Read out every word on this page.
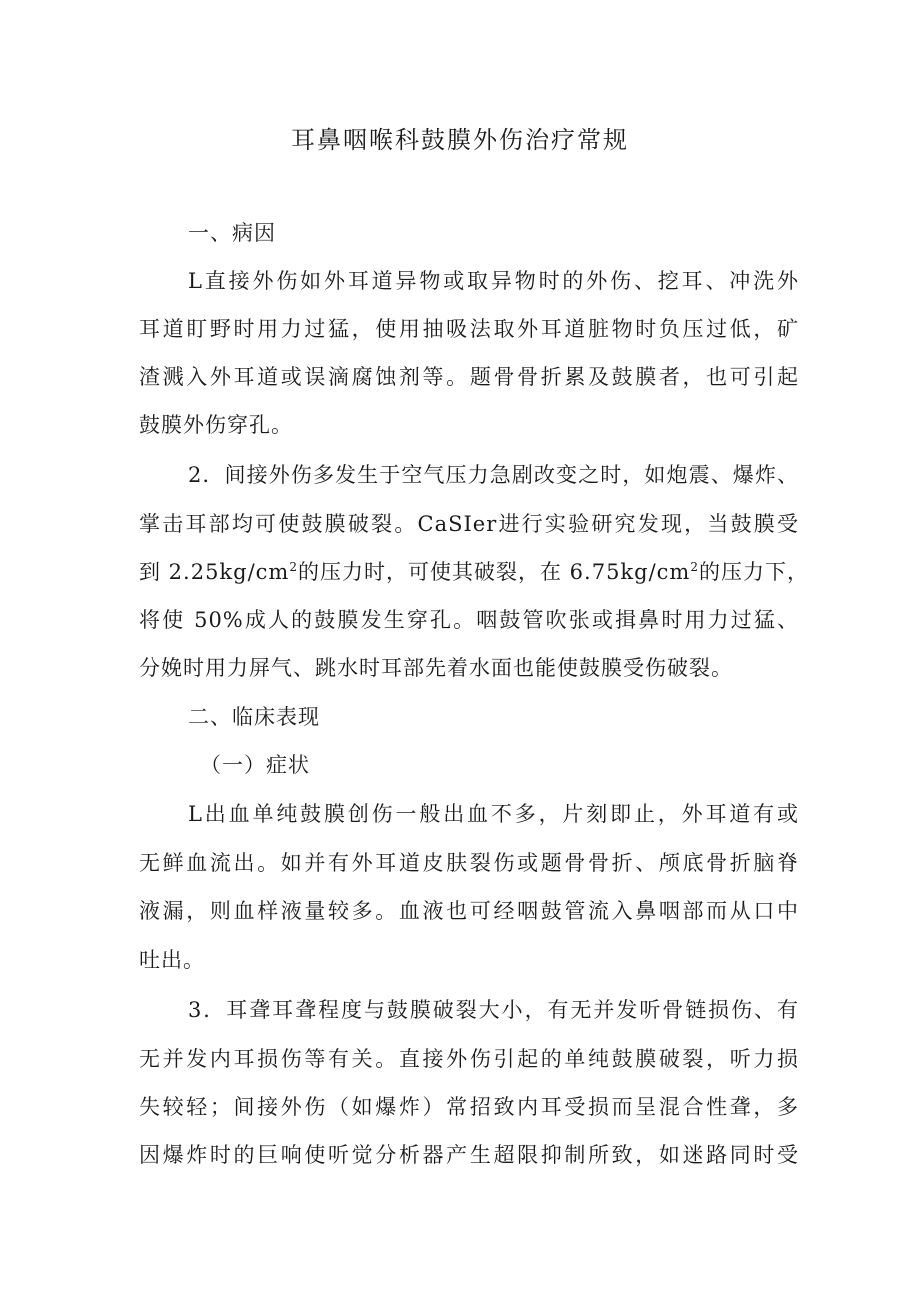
耳鼻咽喉科鼓膜外伤治疗常规

一、病因

L直接外伤如外耳道异物或取异物时的外伤、挖耳、冲洗外

耳道盯野时用力过猛，使用抽吸法取外耳道脏物时负压过低，矿

渣溅入外耳道或误滴腐蚀剂等。题骨骨折累及鼓膜者，也可引起

鼓膜外伤穿孔。

2．间接外伤多发生于空气压力急剧改变之时，如炮震、爆炸、

掌击耳部均可使鼓膜破裂。CaSIer进行实验研究发现，当鼓膜受

到 $2.25kg/cm^2$的压力时，可使其破裂，在 $6.75kg/cm^2$的压力下，

将使 50%成人的鼓膜发生穿孔。咽鼓管吹张或揖鼻时用力过猛、

分娩时用力屏气、跳水时耳部先着水面也能使鼓膜受伤破裂。

二、临床表现

（一）症状

L出血单纯鼓膜创伤一般出血不多，片刻即止，外耳道有或

无鲜血流出。如并有外耳道皮肤裂伤或题骨骨折、颅底骨折脑脊

液漏，则血样液量较多。血液也可经咽鼓管流入鼻咽部而从口中

吐出。

3．耳聋耳聋程度与鼓膜破裂大小，有无并发听骨链损伤、有

无并发内耳损伤等有关。直接外伤引起的单纯鼓膜破裂，听力损

失较轻；间接外伤（如爆炸）常招致内耳受损而呈混合性聋，多

因爆炸时的巨响使听觉分析器产生超限抑制所致，如迷路同时受
